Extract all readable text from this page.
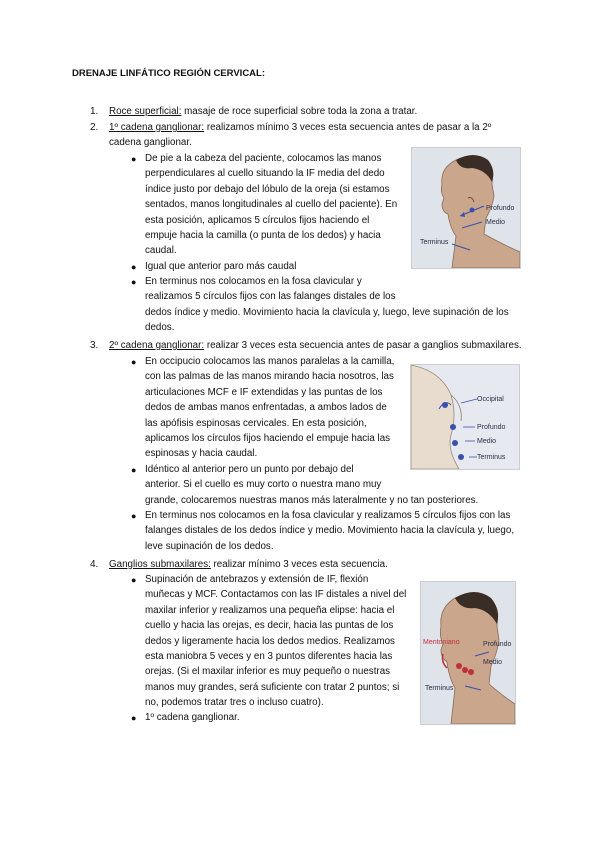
DRENAJE LINFÁTICO REGIÓN CERVICAL:
1. Roce superficial: masaje de roce superficial sobre toda la zona a tratar.
2. 1º cadena ganglionar: realizamos mínimo 3 veces esta secuencia antes de pasar a la 2º
cadena ganglionar.
● De pie a la cabeza del paciente, colocamos las manos
perpendiculares al cuello situando la IF media del dedo
índice justo por debajo del lóbulo de la oreja (si estamos
sentados, manos longitudinales al cuello del paciente). En
esta posición, aplicamos 5 círculos fijos haciendo el
empuje hacia la camilla (o punta de los dedos) y hacia
caudal.
● Igual que anterior paro más caudal
● En terminus nos colocamos en la fosa clavicular y
realizamos 5 círculos fijos con las falanges distales de los
dedos índice y medio. Movimiento hacia la clavícula y, luego, leve supinación de los
dedos.
Profundo
Medio
Terminus
3. 2º cadena ganglionar: realizar 3 veces esta secuencia antes de pasar a ganglios submaxilares.
● En occipucio colocamos las manos paralelas a la camilla,
con las palmas de las manos mirando hacia nosotros, las
articulaciones MCF e IF extendidas y las puntas de los
dedos de ambas manos enfrentadas, a ambos lados de
las apófisis espinosas cervicales. En esta posición,
aplicamos los círculos fijos haciendo el empuje hacia las
espinosas y hacia caudal.
● Idéntico al anterior pero un punto por debajo del
anterior. Si el cuello es muy corto o nuestra mano muy
grande, colocaremos nuestras manos más lateralmente y no tan posteriores.
● En terminus nos colocamos en la fosa clavicular y realizamos 5 círculos fijos con las
falanges distales de los dedos índice y medio. Movimiento hacia la clavícula y, luego,
leve supinación de los dedos.
Occipital
Profundo
Medio
Terminus
4. Ganglios submaxilares: realizar mínimo 3 veces esta secuencia.
● Supinación de antebrazos y extensión de IF, flexión
muñecas y MCF. Contactamos con las IF distales a nivel del
maxilar inferior y realizamos una pequeña elipse: hacia el
cuello y hacia las orejas, es decir, hacia las puntas de los
dedos y ligeramente hacia los dedos medios. Realizamos
esta maniobra 5 veces y en 3 puntos diferentes hacia las
orejas. (Si el maxilar inferior es muy pequeño o nuestras
manos muy grandes, será suficiente con tratar 2 puntos; si
no, podemos tratar tres o incluso cuatro).
● 1º cadena ganglionar.
Mentoniano	Profundo
Medio
Terminus
